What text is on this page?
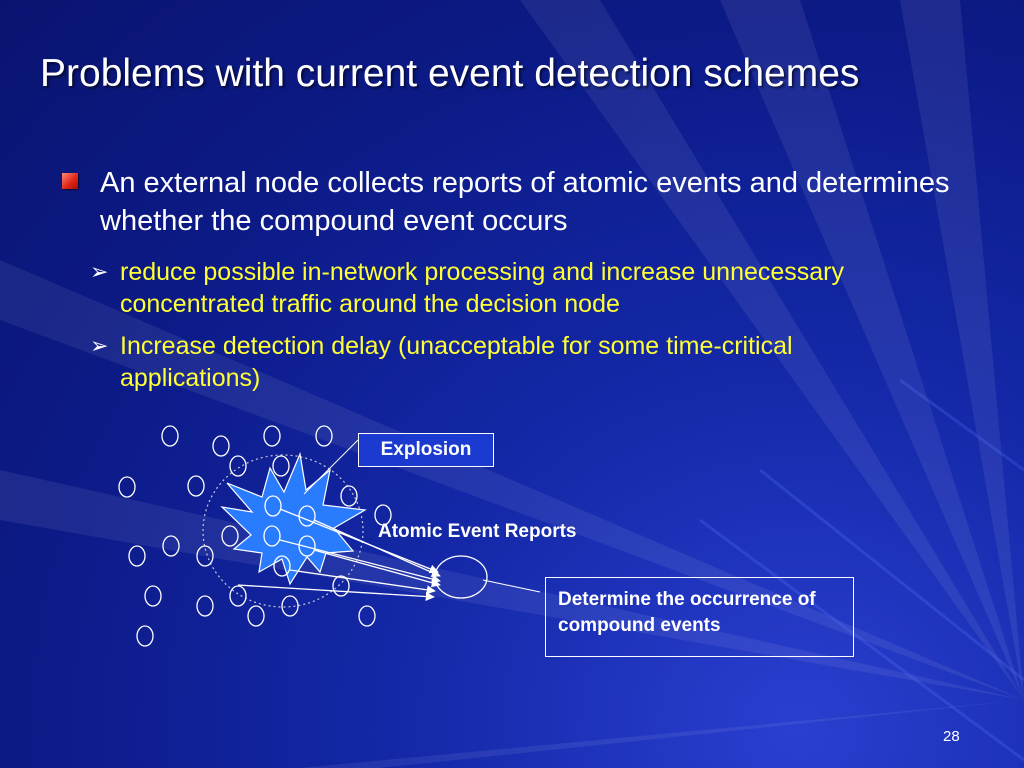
Problems with current event detection schemes
An external node collects reports of atomic events and determines whether the compound event occurs
➢ reduce possible in-network processing and increase unnecessary concentrated traffic around the decision node
➢ Increase detection delay (unacceptable for some time-critical applications)
Explosion
Atomic Event Reports
Determine the occurrence of compound events
28
